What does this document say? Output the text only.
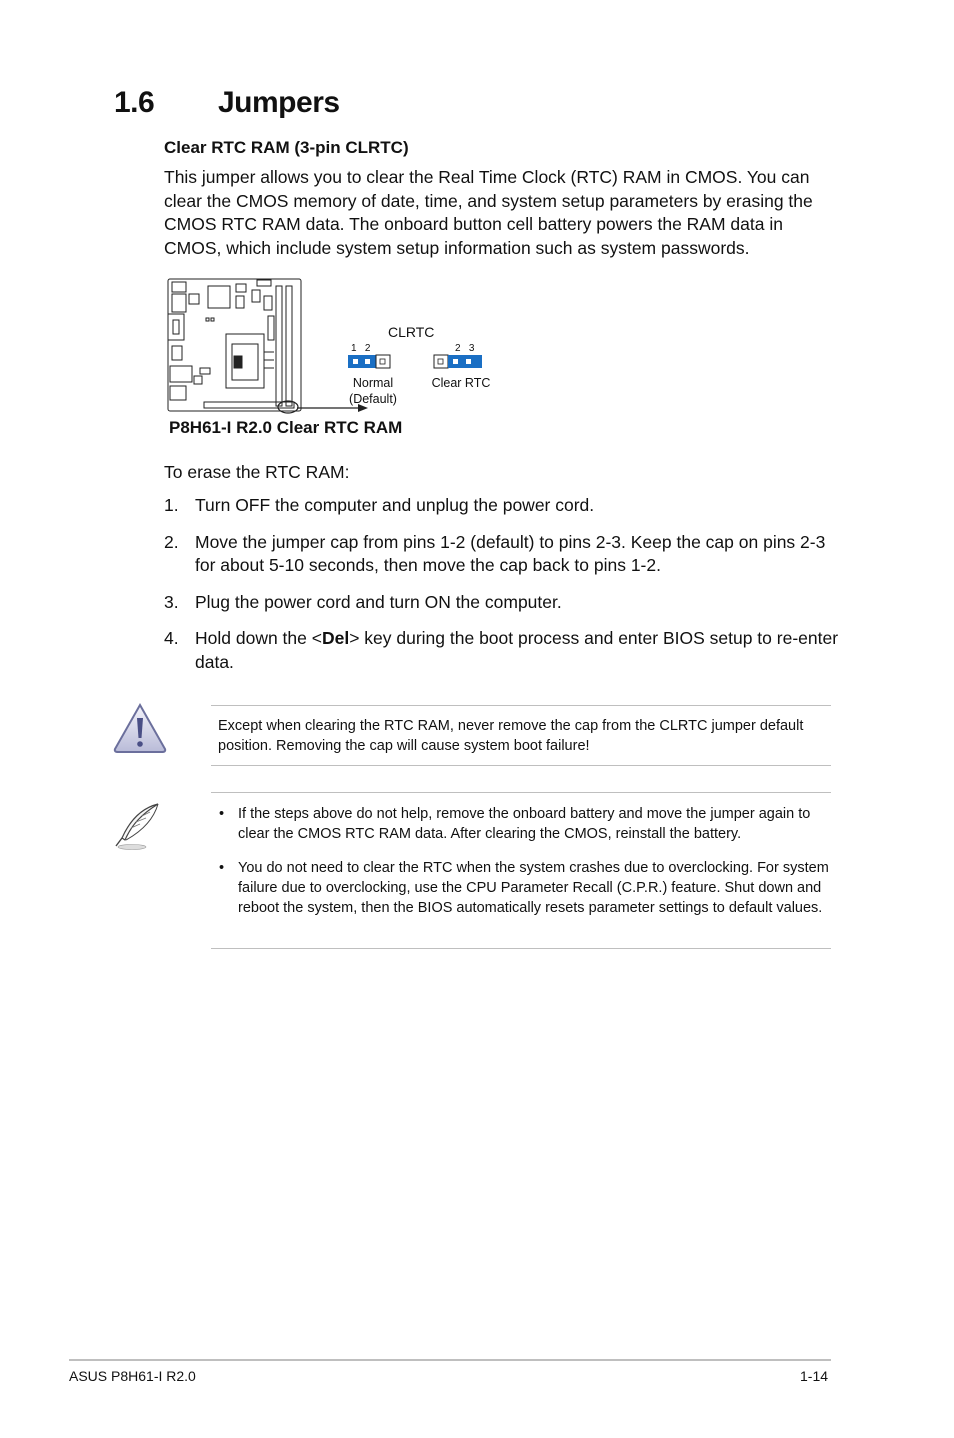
1.6 Jumpers
Clear RTC RAM (3-pin CLRTC)
This jumper allows you to clear the Real Time Clock (RTC) RAM in CMOS. You can clear the CMOS memory of date, time, and system setup parameters by erasing the CMOS RTC RAM data. The onboard button cell battery powers the RAM data in CMOS, which include system setup information such as system passwords.
CLRTC
1   2
Normal
(Default)
2   3
Clear RTC
P8H61-I R2.0 Clear RTC RAM
To erase the RTC RAM:
1. Turn OFF the computer and unplug the power cord.
2. Move the jumper cap from pins 1-2 (default) to pins 2-3. Keep the cap on pins 2-3 for about 5-10 seconds, then move the cap back to pins 1-2.
3. Plug the power cord and turn ON the computer.
4. Hold down the <Del> key during the boot process and enter BIOS setup to re-enter data.
Except when clearing the RTC RAM, never remove the cap from the CLRTC jumper default position. Removing the cap will cause system boot failure!
• If the steps above do not help, remove the onboard battery and move the jumper again to clear the CMOS RTC RAM data. After clearing the CMOS, reinstall the battery.
• You do not need to clear the RTC when the system crashes due to overclocking. For system failure due to overclocking, use the CPU Parameter Recall (C.P.R.) feature. Shut down and reboot the system, then the BIOS automatically resets parameter settings to default values.
ASUS P8H61-I R2.0	1-14
